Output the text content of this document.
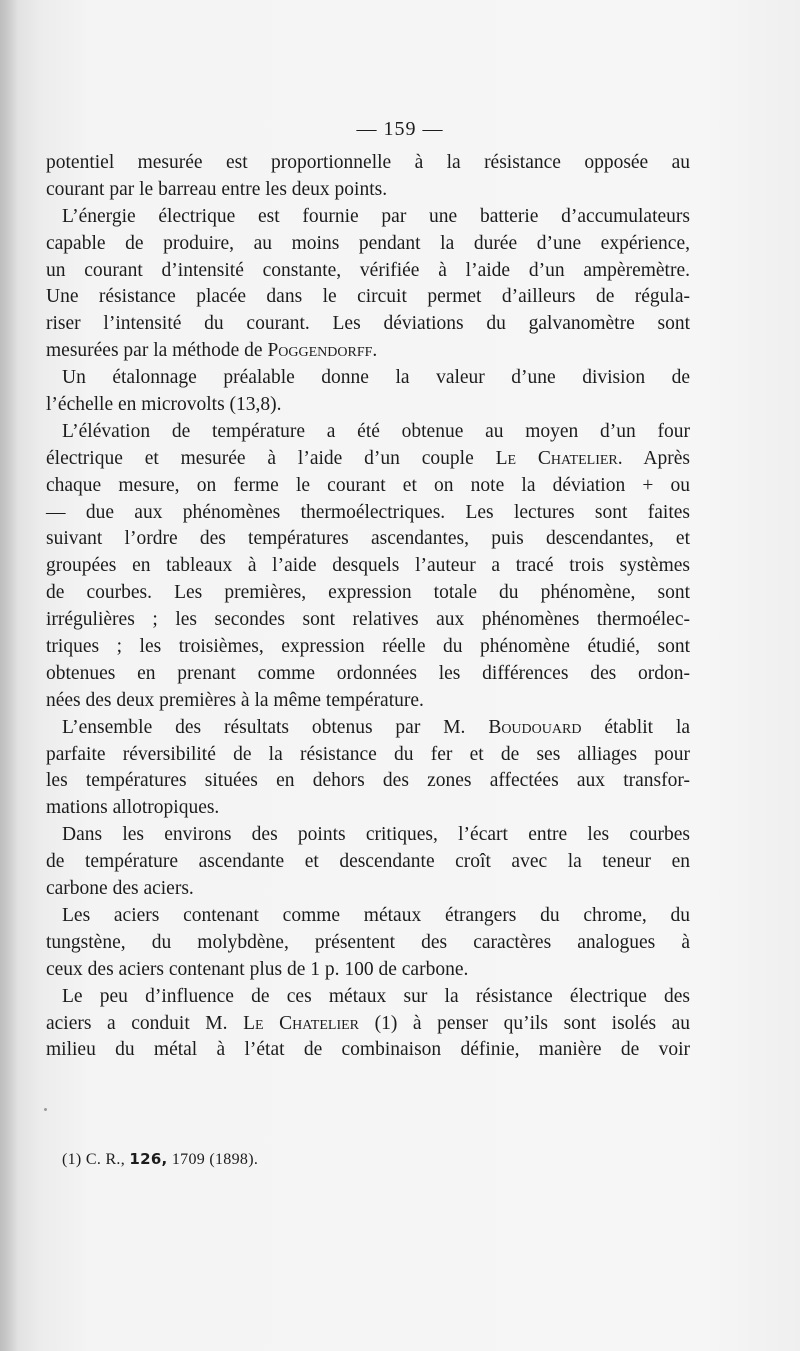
— 159 —
potentiel mesurée est proportionnelle à la résistance opposée au
courant par le barreau entre les deux points.
L’énergie électrique est fournie par une batterie d’accumulateurs
capable de produire, au moins pendant la durée d’une expérience,
un courant d’intensité constante, vérifiée à l’aide d’un ampèremètre.
Une résistance placée dans le circuit permet d’ailleurs de régula-
riser l’intensité du courant. Les déviations du galvanomètre sont
mesurées par la méthode de Poggendorff.
Un étalonnage préalable donne la valeur d’une division de
l’échelle en microvolts (13,8).
L’élévation de température a été obtenue au moyen d’un four
électrique et mesurée à l’aide d’un couple Le Chatelier. Après
chaque mesure, on ferme le courant et on note la déviation + ou
— due aux phénomènes thermoélectriques. Les lectures sont faites
suivant l’ordre des températures ascendantes, puis descendantes, et
groupées en tableaux à l’aide desquels l’auteur a tracé trois systèmes
de courbes. Les premières, expression totale du phénomène, sont
irrégulières ; les secondes sont relatives aux phénomènes thermoélec-
triques ; les troisièmes, expression réelle du phénomène étudié, sont
obtenues en prenant comme ordonnées les différences des ordon-
nées des deux premières à la même température.
L’ensemble des résultats obtenus par M. Boudouard établit la
parfaite réversibilité de la résistance du fer et de ses alliages pour
les températures situées en dehors des zones affectées aux transfor-
mations allotropiques.
Dans les environs des points critiques, l’écart entre les courbes
de température ascendante et descendante croît avec la teneur en
carbone des aciers.
Les aciers contenant comme métaux étrangers du chrome, du
tungstène, du molybdène, présentent des caractères analogues à
ceux des aciers contenant plus de 1 p. 100 de carbone.
Le peu d’influence de ces métaux sur la résistance électrique des
aciers a conduit M. Le Chatelier (1) à penser qu’ils sont isolés au
milieu du métal à l’état de combinaison définie, manière de voir
(1) C. R., 126, 1709 (1898).
